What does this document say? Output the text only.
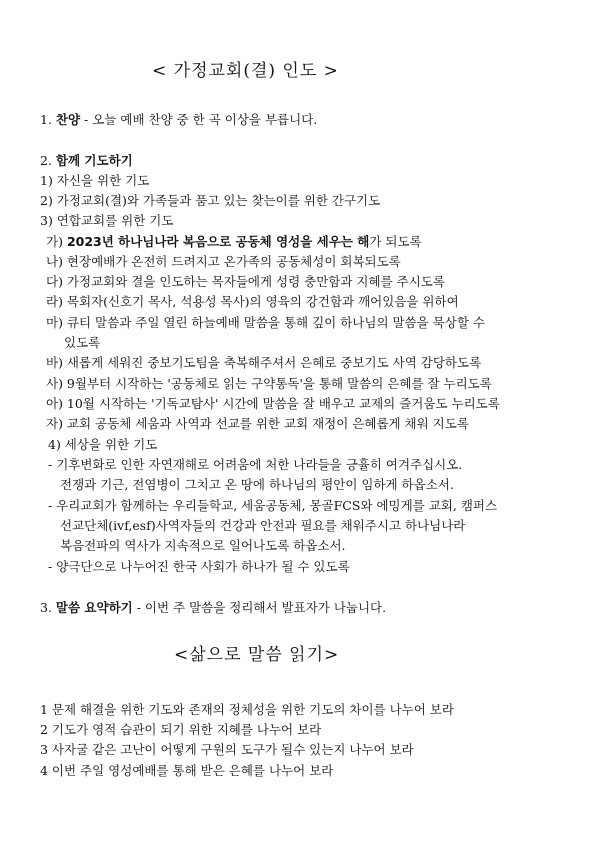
< 가정교회(결) 인도 >
1. 찬양 - 오늘 예배 찬양 중 한 곡 이상을 부릅니다.
2. 함께 기도하기
1) 자신을 위한 기도
2) 가정교회(결)와 가족들과 품고 있는 찾는이를 위한 간구기도
3) 연합교회를 위한 기도
가) 2023년 하나님나라 복음으로 공동체 영성을 세우는 해가 되도록
나) 현장예배가 온전히 드려지고 온가족의 공동체성이 회복되도록
다) 가정교회와 결을 인도하는 목자들에게 성령 충만함과 지혜를 주시도록
라) 목회자(신호기 목사, 석용성 목사)의 영육의 강건함과 깨어있음을 위하여
마) 큐티 말씀과 주일 열린 하늘예배 말씀을 통해 깊이 하나님의 말씀을 묵상할 수
있도록
바) 새롭게 세워진 중보기도팀을 축복해주셔서 은혜로 중보기도 사역 감당하도록
사) 9월부터 시작하는 '공동체로 읽는 구약통독'을 통해 말씀의 은혜를 잘 누리도록
아) 10월 시작하는 '기독교탐사' 시간에 말씀을 잘 배우고 교제의 즐거움도 누리도록
자) 교회 공동체 세움과 사역과 선교를 위한 교회 재정이 은혜롭게 채워 지도록
4) 세상을 위한 기도
- 기후변화로 인한 자연재해로 어려움에 처한 나라들을 긍휼히 여겨주십시오.
전쟁과 기근, 전염병이 그치고 온 땅에 하나님의 평안이 임하게 하옵소서.
- 우리교회가 함께하는 우리들학교, 세움공동체, 몽골FCS와 에밍게를 교회, 캠퍼스
선교단체(ivf,esf)사역자들의 건강과 안전과 필요를 채워주시고 하나님나라
복음전파의 역사가 지속적으로 일어나도록 하옵소서.
- 양극단으로 나누어진 한국 사회가 하나가 될 수 있도록
3. 말씀 요약하기 - 이번 주 말씀을 정리해서 발표자가 나눕니다.
<삶으로 말씀 읽기>
1 문제 해결을 위한 기도와 존재의 정체성을 위한 기도의 차이를 나누어 보라
2 기도가 영적 습관이 되기 위한 지혜를 나누어 보라
3 사자굴 같은 고난이 어떻게 구원의 도구가 될수 있는지 나누어 보라
4 이번 주일 영성예배를 통해 받은 은혜를 나누어 보라
